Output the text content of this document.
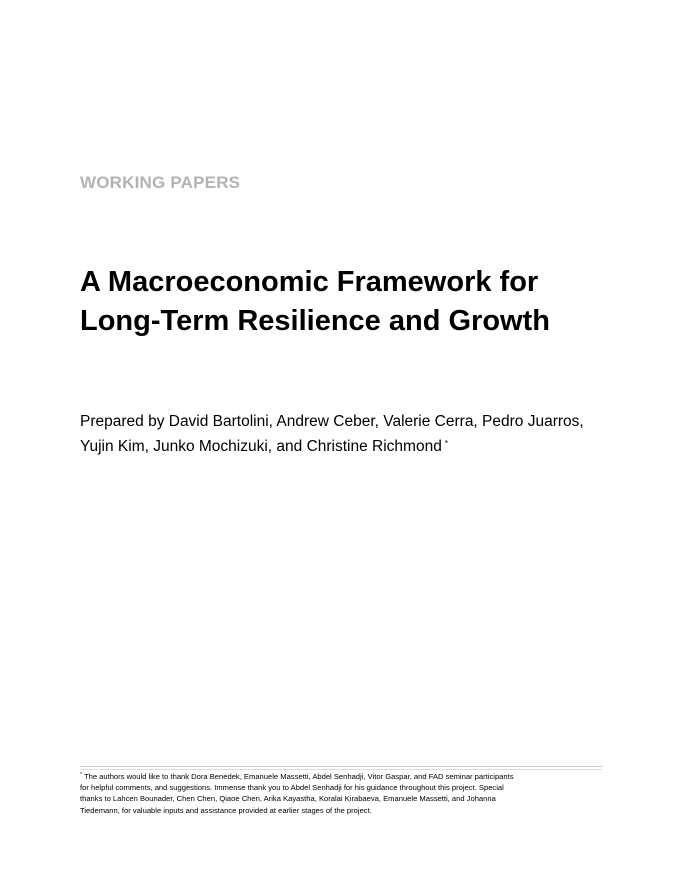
WORKING PAPERS
A Macroeconomic Framework for
Long-Term Resilience and Growth
Prepared by David Bartolini, Andrew Ceber, Valerie Cerra, Pedro Juarros,
Yujin Kim, Junko Mochizuki, and Christine Richmond *
* The authors would like to thank Dora Benedek, Emanuele Massetti, Abdel Senhadji, Vitor Gaspar, and FAD seminar participants
for helpful comments, and suggestions. Immense thank you to Abdel Senhadji for his guidance throughout this project. Special
thanks to Lahcen Bounader, Chen Chen, Qiaoe Chen, Arika Kayastha, Koralai Kirabaeva, Emanuele Massetti, and Johanna
Tiedemann, for valuable inputs and assistance provided at earlier stages of the project.
